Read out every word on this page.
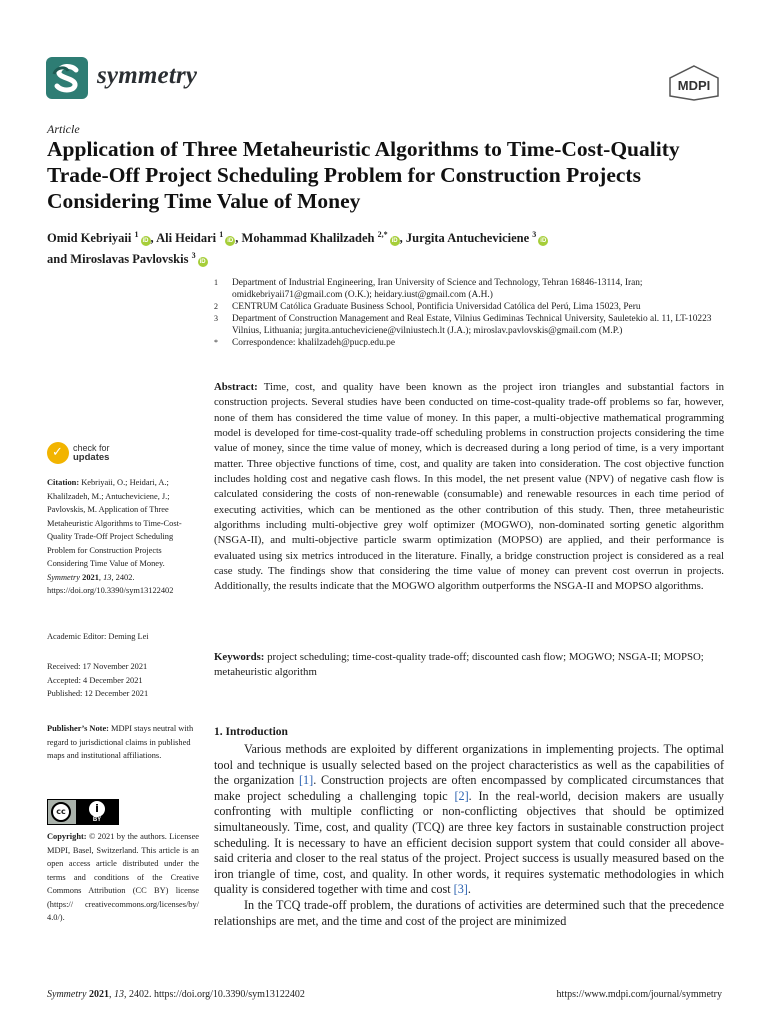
symmetry	MDPI
Article
Application of Three Metaheuristic Algorithms to Time-Cost-Quality Trade-Off Project Scheduling Problem for Construction Projects Considering Time Value of Money
Omid Kebriyaii $^1$iD , Ali Heidari $^1$iD , Mohammad Khalilzadeh $^{2,*}$iD , Jurgita Antucheviciene $^3$iD
and Miroslavas Pavlovskis $^3$iD
1	Department of Industrial Engineering, Iran University of Science and Technology, Tehran 16846-13114, Iran; omidkebriyaii71@gmail.com (O.K.); heidary.iust@gmail.com (A.H.)
2	CENTRUM Católica Graduate Business School, Pontificia Universidad Católica del Perú, Lima 15023, Peru
3	Department of Construction Management and Real Estate, Vilnius Gediminas Technical University, Sauletekio al. 11, LT-10223 Vilnius, Lithuania; jurgita.antucheviciene@vilniustech.lt (J.A.); miroslav.pavlovskis@gmail.com (M.P.)
*	Correspondence: khalilzadeh@pucp.edu.pe
Abstract: Time, cost, and quality have been known as the project iron triangles and substantial factors in construction projects. Several studies have been conducted on time-cost-quality trade-off problems so far, however, none of them has considered the time value of money. In this paper, a multi-objective mathematical programming model is developed for time-cost-quality trade-off scheduling problems in construction projects considering the time value of money, since the time value of money, which is decreased during a long period of time, is a very important matter. Three objective functions of time, cost, and quality are taken into consideration. The cost objective function includes holding cost and negative cash flows. In this model, the net present value (NPV) of negative cash flow is calculated considering the costs of non-renewable (consumable) and renewable resources in each time period of executing activities, which can be mentioned as the other contribution of this study. Then, three metaheuristic algorithms including multi-objective grey wolf optimizer (MOGWO), non-dominated sorting genetic algorithm (NSGA-II), and multi-objective particle swarm optimization (MOPSO) are applied, and their performance is evaluated using six metrics introduced in the literature. Finally, a bridge construction project is considered as a real case study. The findings show that considering the time value of money can prevent cost overrun in projects. Additionally, the results indicate that the MOGWO algorithm outperforms the NSGA-II and MOPSO algorithms.
Keywords: project scheduling; time-cost-quality trade-off; discounted cash flow; MOGWO; NSGA-II; MOPSO; metaheuristic algorithm
1. Introduction

Various methods are exploited by different organizations in implementing projects. The optimal tool and technique is usually selected based on the project characteristics as well as the capabilities of the organization [1]. Construction projects are often encompassed by complicated circumstances that make project scheduling a challenging topic [2]. In the real-world, decision makers are usually confronting with multiple conflicting or non-conflicting objectives that should be optimized simultaneously. Time, cost, and quality (TCQ) are three key factors in sustainable construction project scheduling. It is necessary to have an efficient decision support system that could consider all above-said criteria and closer to the real status of the project. Project success is usually measured based on the iron triangle of time, cost, and quality. In other words, it requires systematic methodologies in which quality is considered together with time and cost [3].

In the TCQ trade-off problem, the durations of activities are determined such that the precedence relationships are met, and the time and cost of the project are minimized

✓ check for
updates
Citation: Kebriyaii, O.; Heidari, A.; Khalilzadeh, M.; Antucheviciene, J.; Pavlovskis, M. Application of Three Metaheuristic Algorithms to Time-Cost-Quality Trade-Off Project Scheduling Problem for Construction Projects Considering Time Value of Money. Symmetry 2021, 13, 2402. https://doi.org/10.3390/sym13122402
Academic Editor: Deming Lei
Received: 17 November 2021
Accepted: 4 December 2021
Published: 12 December 2021
Publisher’s Note: MDPI stays neutral with regard to jurisdictional claims in published maps and institutional affiliations.
cc	i
BY
Copyright: © 2021 by the authors. Licensee MDPI, Basel, Switzerland. This article is an open access article distributed under the terms and conditions of the Creative Commons Attribution (CC BY) license (https:// creativecommons.org/licenses/by/ 4.0/).
Symmetry 2021, 13, 2402. https://doi.org/10.3390/sym13122402	https://www.mdpi.com/journal/symmetry
